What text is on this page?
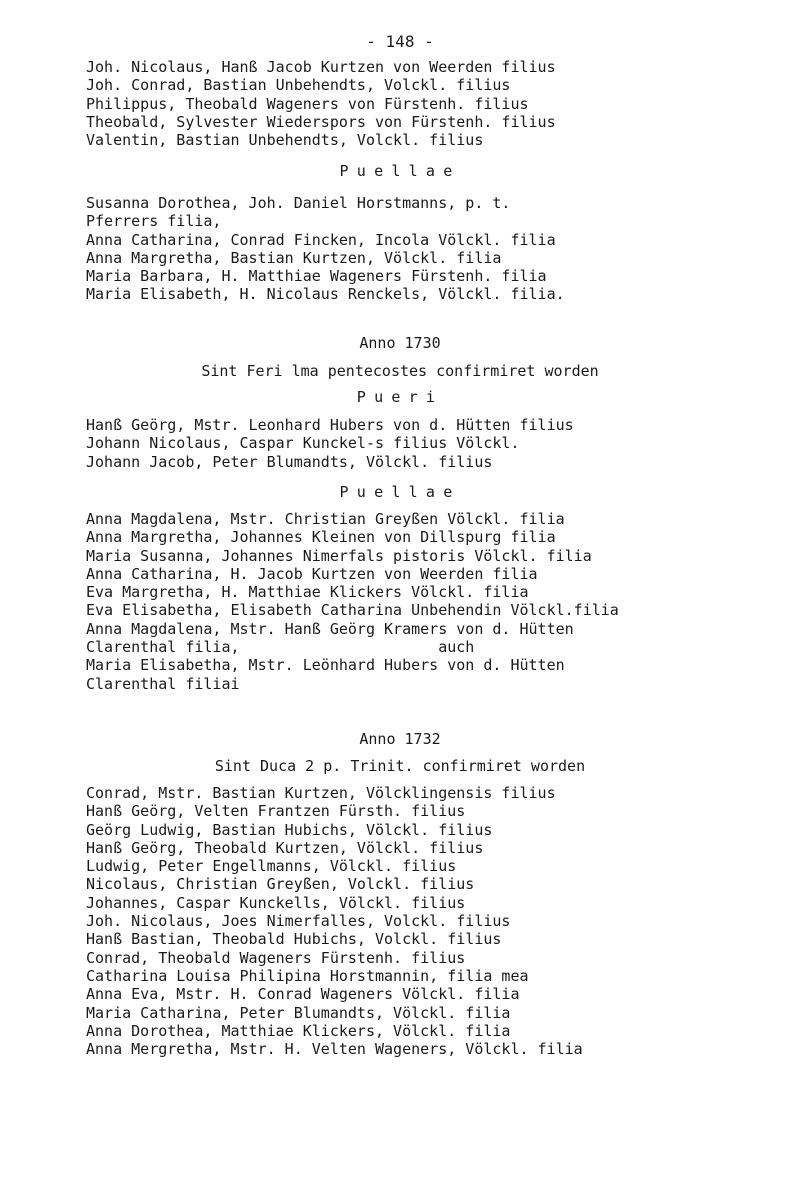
- 148 -
Joh. Nicolaus, Hanß Jacob Kurtzen von Weerden filius
Joh. Conrad, Bastian Unbehendts, Volckl. filius
Philippus, Theobald Wageners von Fürstenh. filius
Theobald, Sylvester Wiederspors von Fürstenh. filius
Valentin, Bastian Unbehendts, Volckl. filius
Puellae
Susanna Dorothea, Joh. Daniel Horstmanns, p. t.
Pferrers filia,
Anna Catharina, Conrad Fincken, Incola Völckl. filia
Anna Margretha, Bastian Kurtzen, Völckl. filia
Maria Barbara, H. Matthiae Wageners Fürstenh. filia
Maria Elisabeth, H. Nicolaus Renckels, Völckl. filia.
Anno 1730
Sint Feri lma pentecostes confirmiret worden
Pueri
Hanß Geörg, Mstr. Leonhard Hubers von d. Hütten filius
Johann Nicolaus, Caspar Kunckel-s filius Völckl.
Johann Jacob, Peter Blumandts, Völckl. filius
Puellae
Anna Magdalena, Mstr. Christian Greyßen Völckl. filia
Anna Margretha, Johannes Kleinen von Dillspurg filia
Maria Susanna, Johannes Nimerfals pistoris Völckl. filia
Anna Catharina, H. Jacob Kurtzen von Weerden filia
Eva Margretha, H. Matthiae Klickers Völckl. filia
Eva Elisabetha, Elisabeth Catharina Unbehendin Völckl.filia
Anna Magdalena, Mstr. Hanß Geörg Kramers von d. Hütten
Clarenthal filia,                      auch
Maria Elisabetha, Mstr. Leönhard Hubers von d. Hütten
Clarenthal filiai
Anno 1732
Sint Duca 2 p. Trinit. confirmiret worden
Conrad, Mstr. Bastian Kurtzen, Völcklingensis filius
Hanß Geörg, Velten Frantzen Fürsth. filius
Geörg Ludwig, Bastian Hubichs, Völckl. filius
Hanß Geörg, Theobald Kurtzen, Völckl. filius
Ludwig, Peter Engellmanns, Völckl. filius
Nicolaus, Christian Greyßen, Volckl. filius
Johannes, Caspar Kunckells, Völckl. filius
Joh. Nicolaus, Joes Nimerfalles, Volckl. filius
Hanß Bastian, Theobald Hubichs, Volckl. filius
Conrad, Theobald Wageners Fürstenh. filius
Catharina Louisa Philipina Horstmannin, filia mea
Anna Eva, Mstr. H. Conrad Wageners Völckl. filia
Maria Catharina, Peter Blumandts, Völckl. filia
Anna Dorothea, Matthiae Klickers, Völckl. filia
Anna Mergretha, Mstr. H. Velten Wageners, Völckl. filia
